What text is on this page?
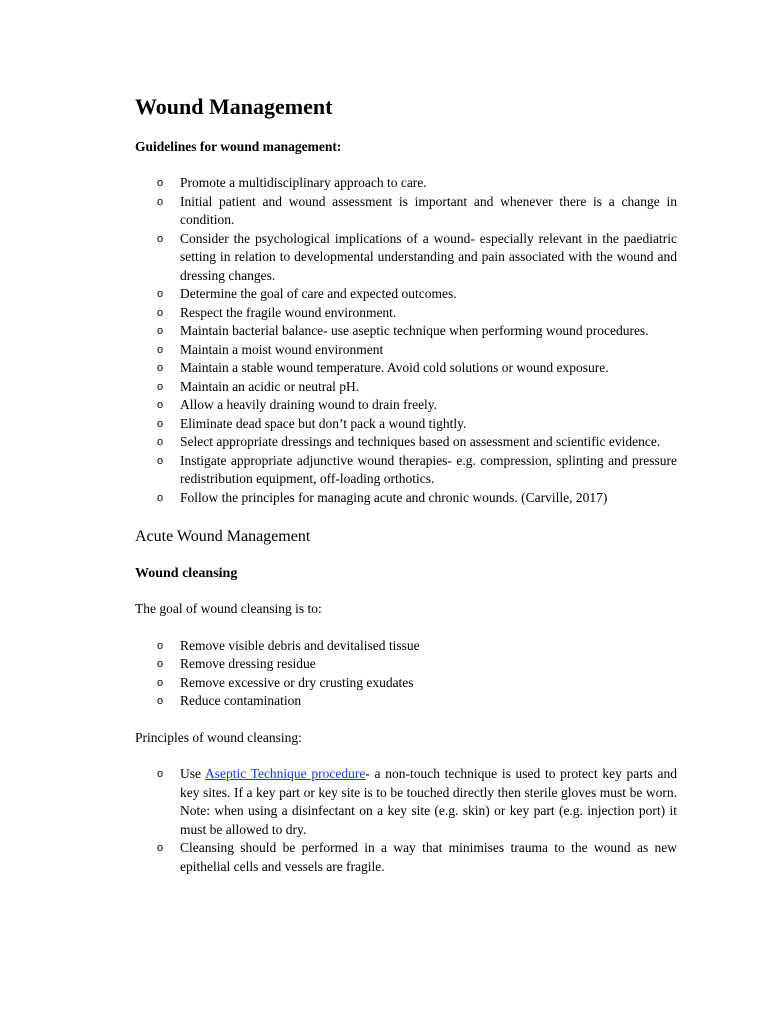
Wound Management
Guidelines for wound management:
o Promote a multidisciplinary approach to care.
o Initial patient and wound assessment is important and whenever there is a change in condition.
o Consider the psychological implications of a wound- especially relevant in the paediatric setting in relation to developmental understanding and pain associated with the wound and dressing changes.
o Determine the goal of care and expected outcomes.
o Respect the fragile wound environment.
o Maintain bacterial balance- use aseptic technique when performing wound procedures.
o Maintain a moist wound environment
o Maintain a stable wound temperature. Avoid cold solutions or wound exposure.
o Maintain an acidic or neutral pH.
o Allow a heavily draining wound to drain freely.
o Eliminate dead space but don’t pack a wound tightly.
o Select appropriate dressings and techniques based on assessment and scientific evidence.
o Instigate appropriate adjunctive wound therapies- e.g. compression, splinting and pressure redistribution equipment, off-loading orthotics.
o Follow the principles for managing acute and chronic wounds. (Carville, 2017)
Acute Wound Management
Wound cleansing

The goal of wound cleansing is to:

o Remove visible debris and devitalised tissue
o Remove dressing residue
o Remove excessive or dry crusting exudates
o Reduce contamination

Principles of wound cleansing:

o Use Aseptic Technique procedure- a non-touch technique is used to protect key parts and key sites. If a key part or key site is to be touched directly then sterile gloves must be worn. Note: when using a disinfectant on a key site (e.g. skin) or key part (e.g. injection port) it must be allowed to dry.
o Cleansing should be performed in a way that minimises trauma to the wound as new epithelial cells and vessels are fragile.
